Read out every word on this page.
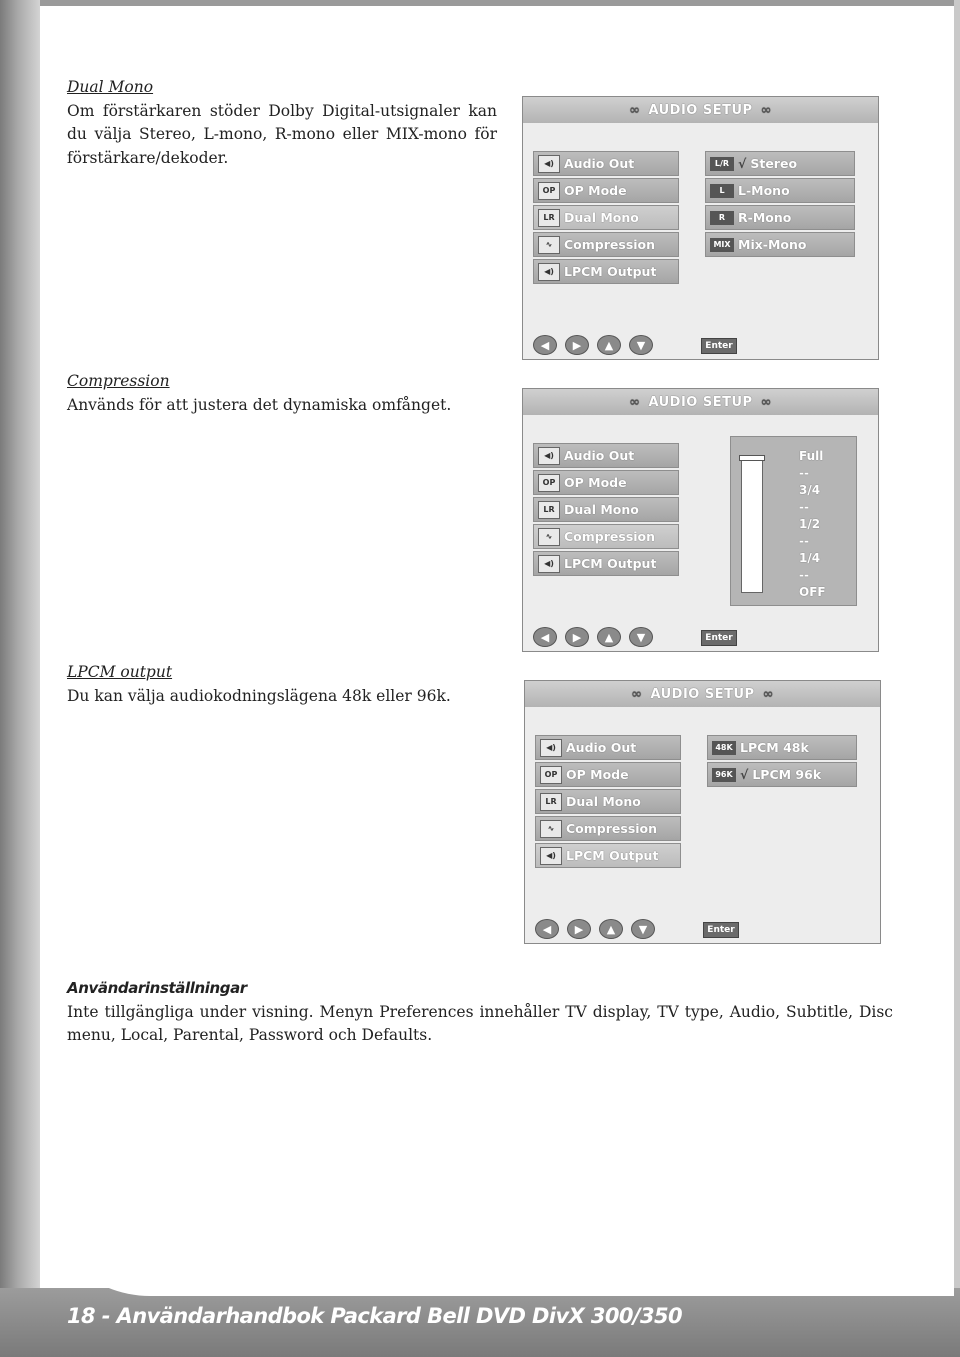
Dual Mono
Om förstärkaren stöder Dolby Digital-utsignaler kan du välja Stereo, L-mono, R-mono eller MIX-mono för förstärkare/dekoder.
∞ AUDIO SETUP ∞
◀) Audio Out
OP OP Mode
LR Dual Mono
∿ Compression
◀) LPCM Output
L/R √ Stereo
L	L-Mono
R	R-Mono
MIX Mix-Mono
◀	▶	▲	▼	Enter
Compression
Används för att justera det dynamiska omfånget.	∞ AUDIO SETUP ∞
◀) Audio Out
OP OP Mode
LR Dual Mono
∿ Compression
◀) LPCM Output
Full
--
3/4
--
1/2
--
1/4
--
OFF
◀	▶	▲	▼	Enter
LPCM output
Du kan välja audiokodningslägena 48k eller 96k.	∞ AUDIO SETUP ∞
◀) Audio Out
OP OP Mode
LR Dual Mono
∿ Compression
◀) LPCM Output
48K LPCM 48k
96K √ LPCM 96k
◀	▶	▲	▼	Enter
Användarinställningar
Inte tillgängliga under visning. Menyn Preferences innehåller TV display, TV type, Audio, Subtitle, Disc menu, Local, Parental, Password och Defaults.
18 - Användarhandbok Packard Bell DVD DivX 300/350
